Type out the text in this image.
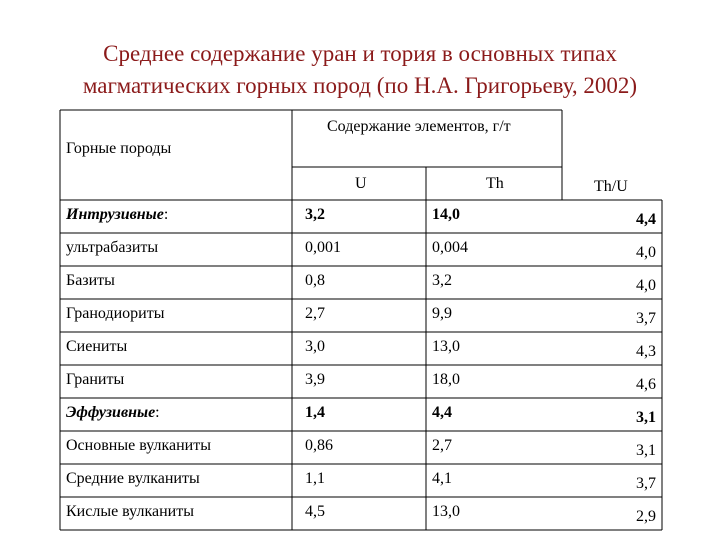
Среднее содержание уран и тория в основных типах
магматических горных пород (по Н.А. Григорьеву, 2002)
Горные породы
Содержание элементов, г/т
U	Th	Th/U
Интрузивные:	3,2	14,0	4,4
ультрабазиты	0,001	0,004	4,0
Базиты	0,8	3,2	4,0
Гранодиориты	2,7	9,9	3,7
Сиениты	3,0	13,0	4,3
Граниты	3,9	18,0	4,6
Эффузивные:	1,4	4,4	3,1
Основные вулканиты	0,86	2,7	3,1
Средние вулканиты	1,1	4,1	3,7
Кислые вулканиты	4,5	13,0	2,9
